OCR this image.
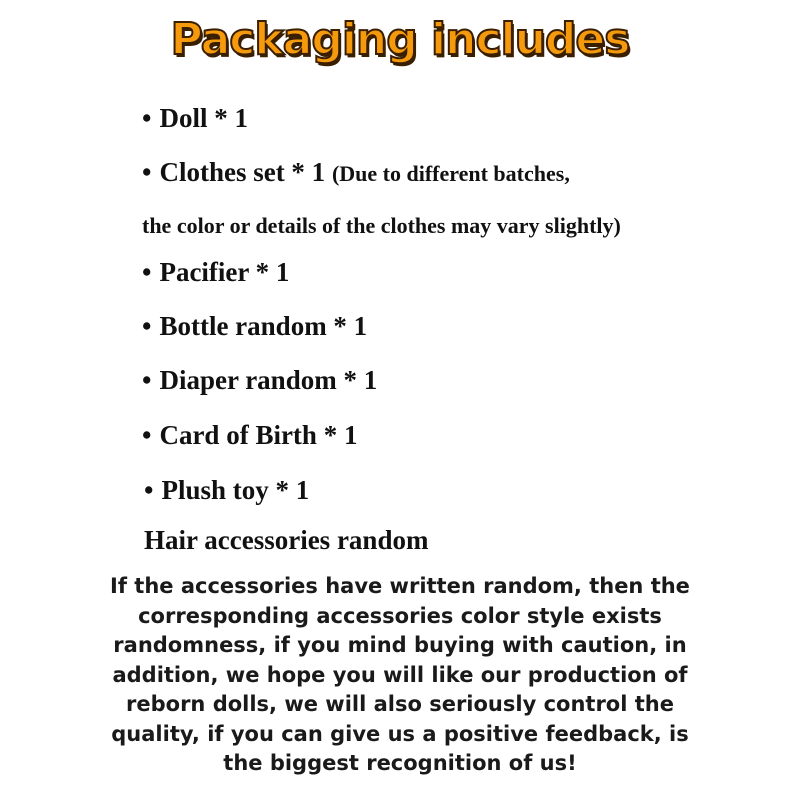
Packaging includes
• Doll * 1
• Clothes set * 1 (Due to different batches,
the color or details of the clothes may vary slightly)
• Pacifier * 1
• Bottle random * 1
• Diaper random * 1
• Card of Birth * 1
• Plush toy * 1
Hair accessories random
If the accessories have written random, then the
corresponding accessories color style exists
randomness, if you mind buying with caution, in
addition, we hope you will like our production of
reborn dolls, we will also seriously control the
quality, if you can give us a positive feedback, is
the biggest recognition of us!
